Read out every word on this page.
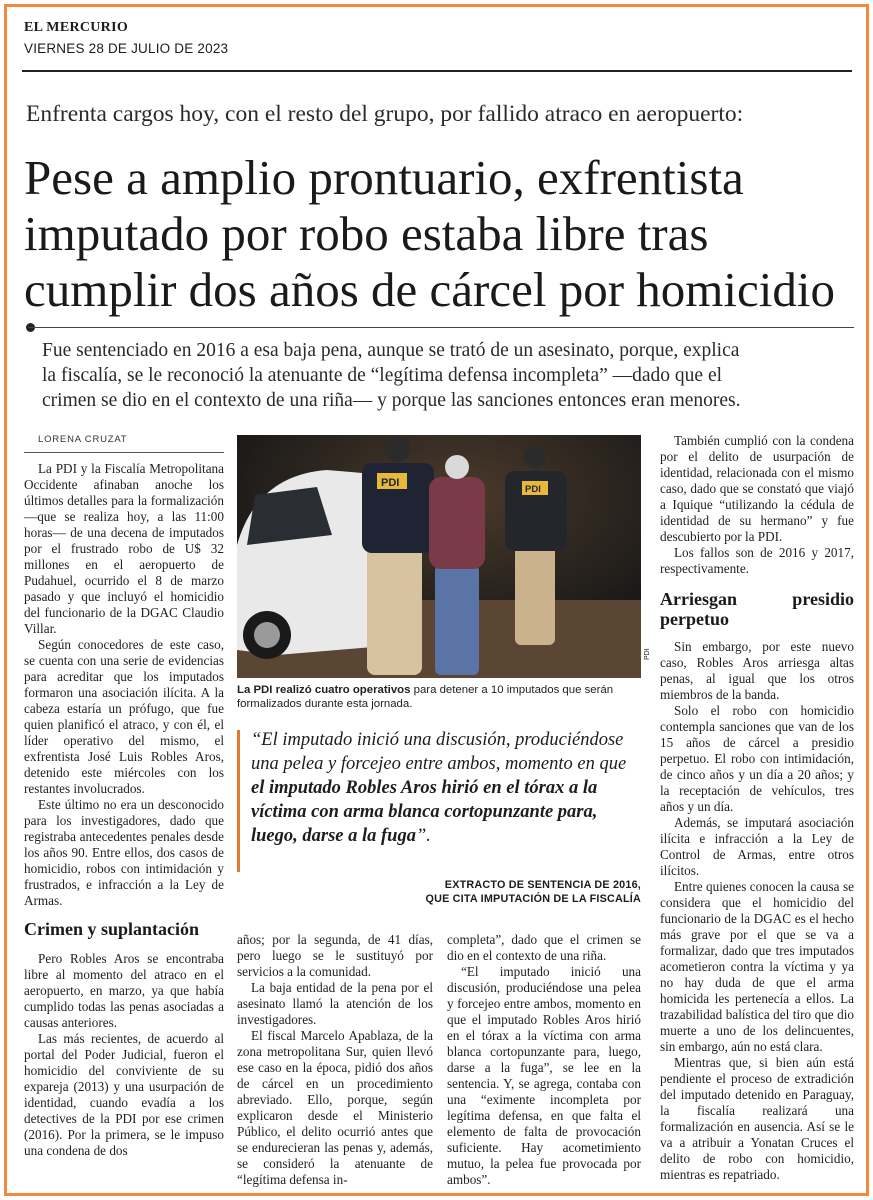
EL MERCURIO
VIERNES 28 DE JULIO DE 2023
Enfrenta cargos hoy, con el resto del grupo, por fallido atraco en aeropuerto:
Pese a amplio prontuario, exfrentista
imputado por robo estaba libre tras
cumplir dos años de cárcel por homicidio
Fue sentenciado en 2016 a esa baja pena, aunque se trató de un asesinato, porque, explica
la fiscalía, se le reconoció la atenuante de “legítima defensa incompleta” —dado que el
crimen se dio en el contexto de una riña— y porque las sanciones entonces eran menores.
LORENA CRUZAT

La PDI y la Fiscalía Metropolitana Occidente afinaban anoche los últimos detalles para la formalización —que se realiza hoy, a las 11:00 horas— de una decena de imputados por el frustrado robo de U$ 32 millones en el aeropuerto de Pudahuel, ocurrido el 8 de marzo pasado y que incluyó el homicidio del funcionario de la DGAC Claudio Villar.

Según conocedores de este caso, se cuenta con una serie de evidencias para acreditar que los imputados formaron una asociación ilícita. A la cabeza estaría un prófugo, que fue quien planificó el atraco, y con él, el líder operativo del mismo, el exfrentista José Luis Robles Aros, detenido este miércoles con los restantes involucrados.

Este último no era un desconocido para los investigadores, dado que registraba antecedentes penales desde los años 90. Entre ellos, dos casos de homicidio, robos con intimidación y frustrados, e infracción a la Ley de Armas.

Crimen y suplantación

Pero Robles Aros se encontraba libre al momento del atraco en el aeropuerto, en marzo, ya que había cumplido todas las penas asociadas a causas anteriores.

Las más recientes, de acuerdo al portal del Poder Judicial, fueron el homicidio del conviviente de su expareja (2013) y una usurpación de identidad, cuando evadía a los detectives de la PDI por ese crimen (2016). Por la primera, se le impuso una condena de dos

PDI
PDI
PDI
La PDI realizó cuatro operativos para detener a 10 imputados que serán formalizados durante esta jornada.
“El imputado inició una discusión, produciéndose una pelea y forcejeo entre ambos, momento en que el imputado Robles Aros hirió en el tórax a la víctima con arma blanca cortopunzante para, luego, darse a la fuga”.
EXTRACTO DE SENTENCIA DE 2016,
QUE CITA IMPUTACIÓN DE LA FISCALÍA

años; por la segunda, de 41 días, pero luego se le sustituyó por servicios a la comunidad.

La baja entidad de la pena por el asesinato llamó la atención de los investigadores.

El fiscal Marcelo Apablaza, de la zona metropolitana Sur, quien llevó ese caso en la época, pidió dos años de cárcel en un procedimiento abreviado. Ello, porque, según explicaron desde el Ministerio Público, el delito ocurrió antes que se endurecieran las penas y, además, se consideró la atenuante de “legítima defensa in-

completa”, dado que el crimen se dio en el contexto de una riña.

“El imputado inició una discusión, produciéndose una pelea y forcejeo entre ambos, momento en que el imputado Robles Aros hirió en el tórax a la víctima con arma blanca cortopunzante para, luego, darse a la fuga”, se lee en la sentencia. Y, se agrega, contaba con una “eximente incompleta por legítima defensa, en que falta el elemento de falta de provocación suficiente. Hay acometimiento mutuo, la pelea fue provocada por ambos”.

También cumplió con la condena por el delito de usurpación de identidad, relacionada con el mismo caso, dado que se constató que viajó a Iquique “utilizando la cédula de identidad de su hermano” y fue descubierto por la PDI.

Los fallos son de 2016 y 2017, respectivamente.

Arriesgan presidio perpetuo

Sin embargo, por este nuevo caso, Robles Aros arriesga altas penas, al igual que los otros miembros de la banda.

Solo el robo con homicidio contempla sanciones que van de los 15 años de cárcel a presidio perpetuo. El robo con intimidación, de cinco años y un día a 20 años; y la receptación de vehículos, tres años y un día.

Además, se imputará asociación ilícita e infracción a la Ley de Control de Armas, entre otros ilícitos.

Entre quienes conocen la causa se considera que el homicidio del funcionario de la DGAC es el hecho más grave por el que se va a formalizar, dado que tres imputados acometieron contra la víctima y ya no hay duda de que el arma homicida les pertenecía a ellos. La trazabilidad balística del tiro que dio muerte a uno de los delincuentes, sin embargo, aún no está clara.

Mientras que, si bien aún está pendiente el proceso de extradición del imputado detenido en Paraguay, la fiscalía realizará una formalización en ausencia. Así se le va a atribuir a Yonatan Cruces el delito de robo con homicidio, mientras es repatriado.
